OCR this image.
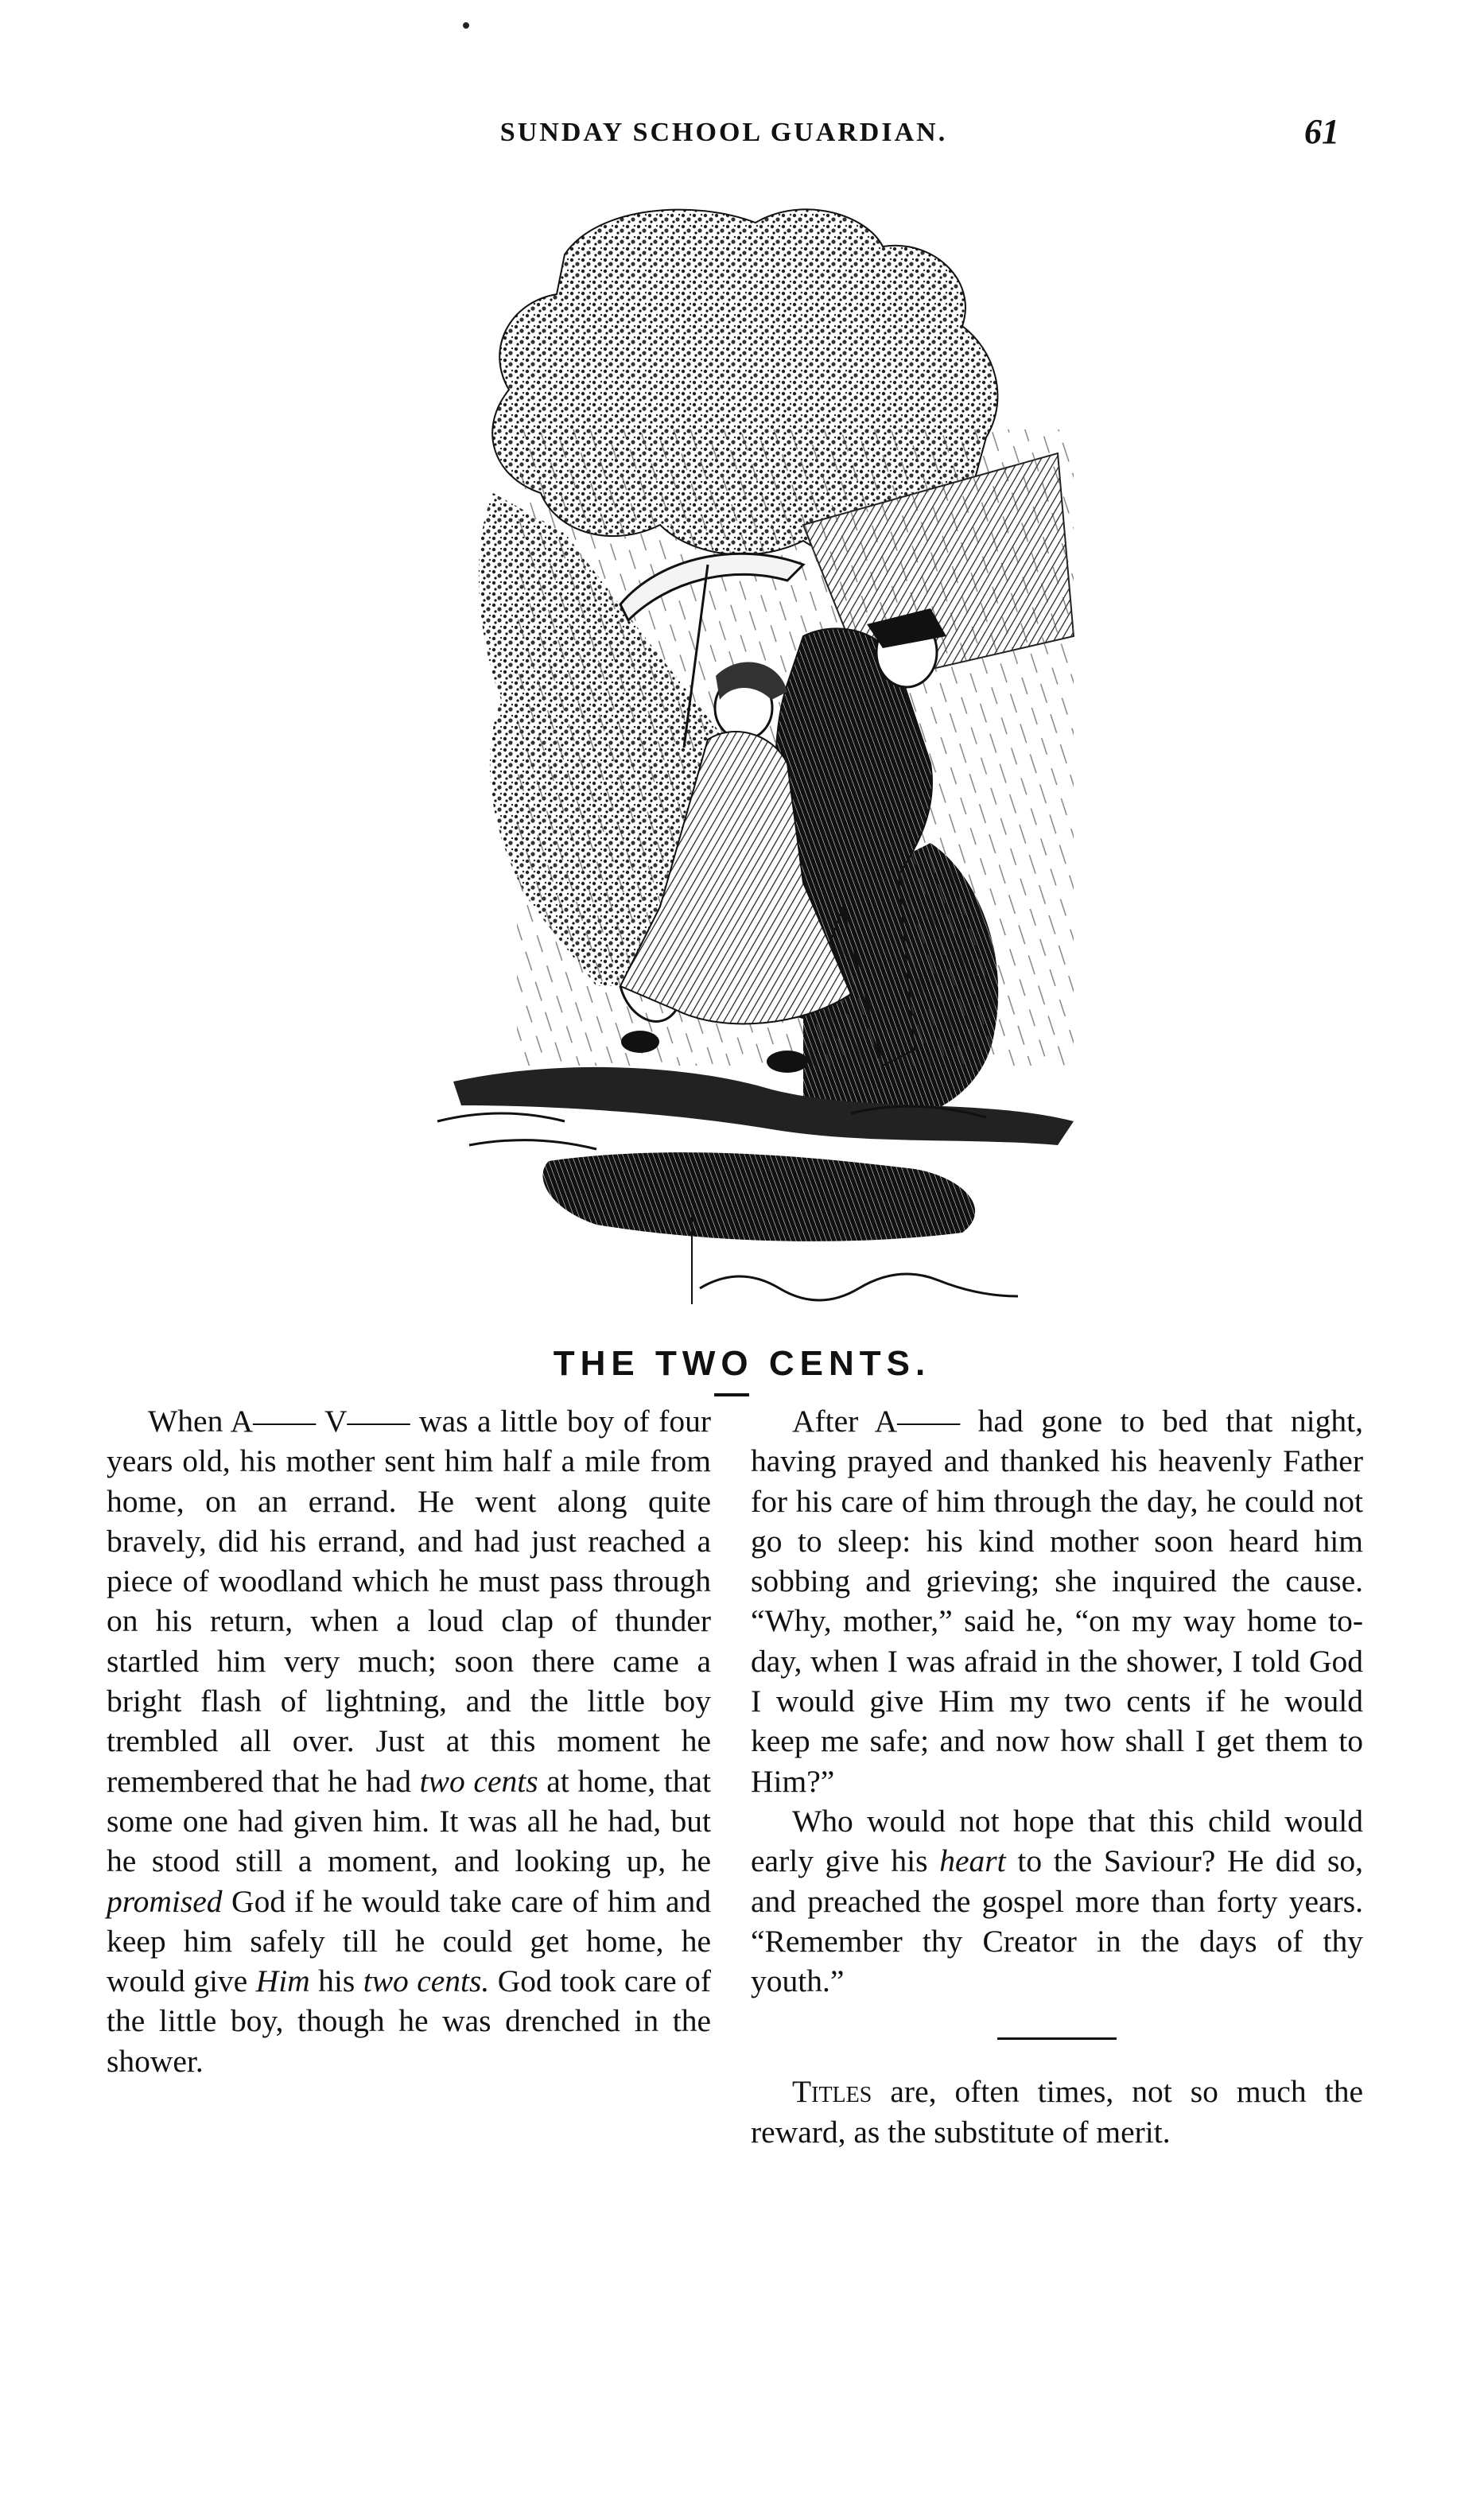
SUNDAY SCHOOL GUARDIAN.	61
THE TWO CENTS.

When A—— V—— was a little boy of four years old, his mother sent him half a mile from home, on an errand. He went along quite bravely, did his errand, and had just reached a piece of woodland which he must pass through on his return, when a loud clap of thunder startled him very much; soon there came a bright flash of lightning, and the little boy trembled all over. Just at this moment he remembered that he had two cents at home, that some one had given him. It was all he had, but he stood still a moment, and looking up, he promised God if he would take care of him and keep him safely till he could get home, he would give Him his two cents. God took care of the little boy, though he was drenched in the shower.

After A—— had gone to bed that night, having prayed and thanked his heavenly Father for his care of him through the day, he could not go to sleep: his kind mother soon heard him sobbing and grieving; she inquired the cause. “Why, mother,” said he, “on my way home to-day, when I was afraid in the shower, I told God I would give Him my two cents if he would keep me safe; and now how shall I get them to Him?”

Who would not hope that this child would early give his heart to the Saviour? He did so, and preached the gospel more than forty years. “Remember thy Creator in the days of thy youth.”

Titles are, often times, not so much the reward, as the substitute of merit.
